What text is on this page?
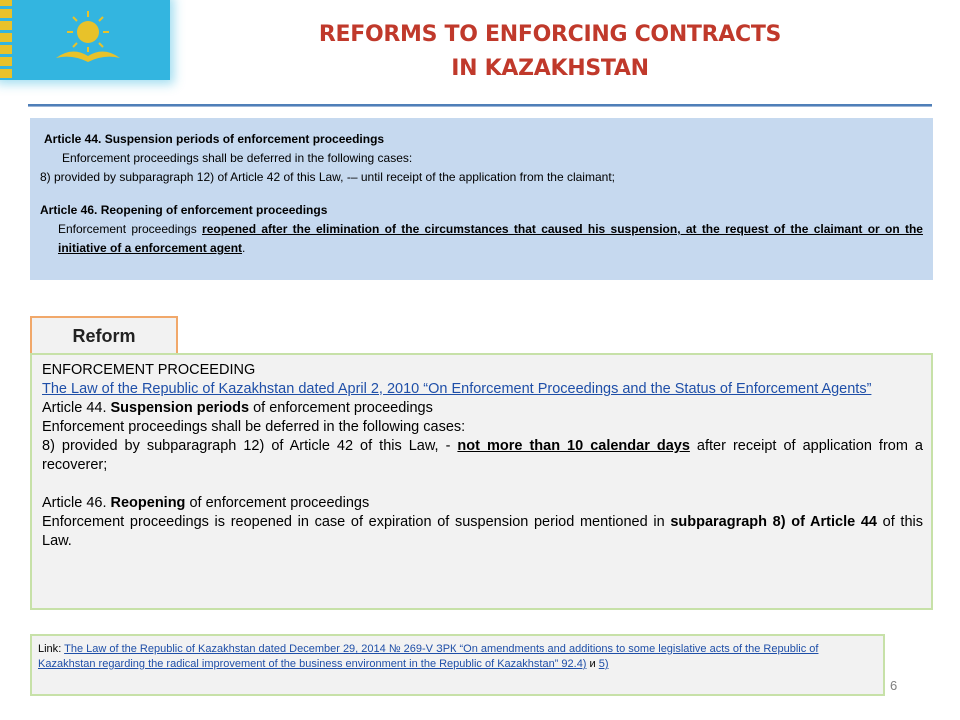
REFORMS TO ENFORCING CONTRACTS
IN KAZAKHSTAN

Article 44. Suspension periods of enforcement proceedings

Enforcement proceedings shall be deferred in the following cases:

8) provided by subparagraph 12) of Article 42 of this Law, -– until receipt of the application from the claimant;

Article 46. Reopening of enforcement proceedings

Enforcement proceedings reopened after the elimination of the circumstances that caused his suspension, at the request of the claimant or on the initiative of a enforcement agent.

Reform

ENFORCEMENT PROCEEDING

The Law of the Republic of Kazakhstan dated April 2, 2010 “On Enforcement Proceedings and the Status of Enforcement Agents”

Article 44. Suspension periods of enforcement proceedings

Enforcement proceedings shall be deferred in the following cases:

8) provided by subparagraph 12) of Article 42 of this Law, - not more than 10 calendar days after receipt of application from a recoverer;

Article 46. Reopening of enforcement proceedings

Enforcement proceedings is reopened in case of expiration of suspension period mentioned in subparagraph 8) of Article 44 of this Law.

Link: The Law of the Republic of Kazakhstan dated December 29, 2014 № 269-V ЗРК “On amendments and additions to some legislative acts of the Republic of Kazakhstan regarding the radical improvement of the business environment in the Republic of Kazakhstan” 92.4) и 5)
6
